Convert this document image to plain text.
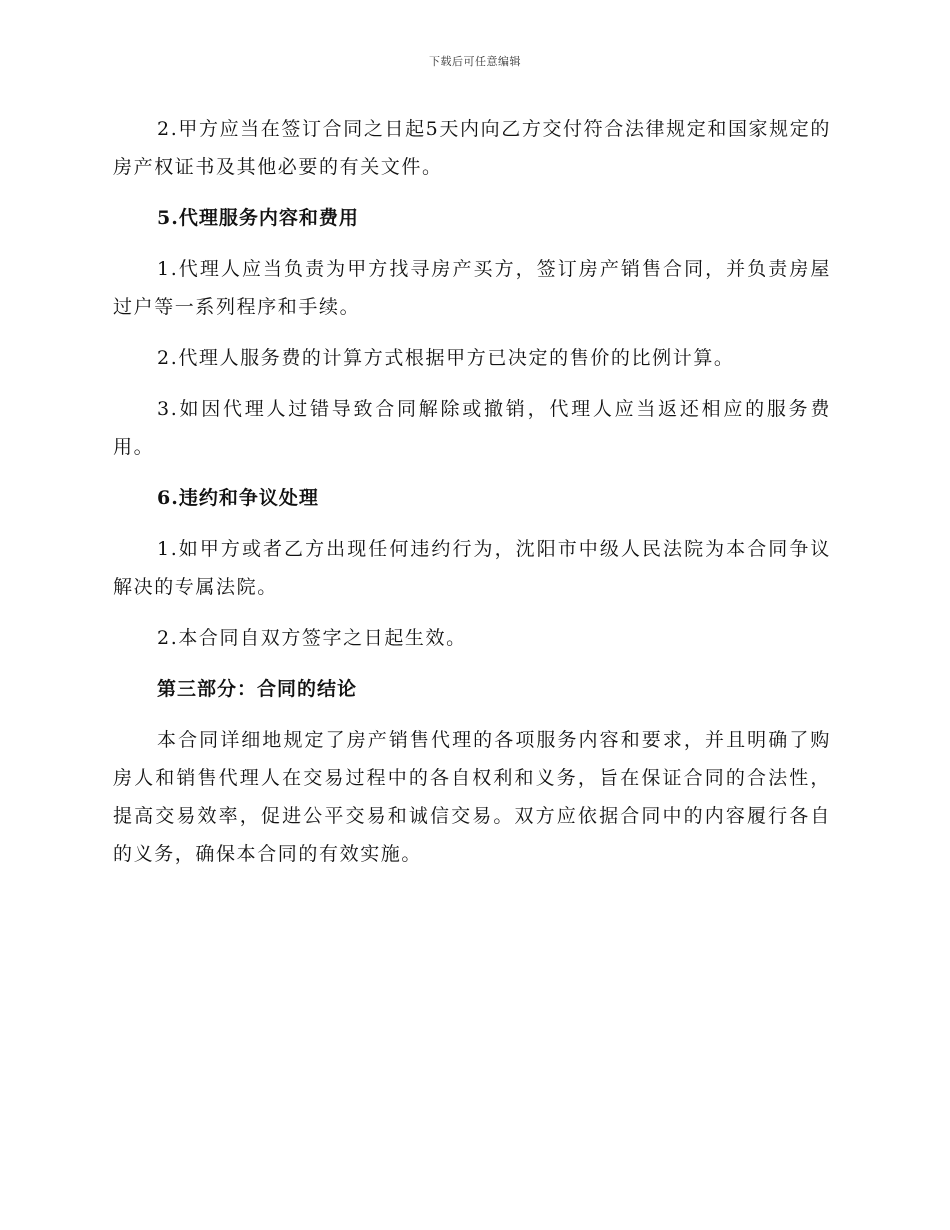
下载后可任意编辑

2.甲方应当在签订合同之日起5天内向乙方交付符合法律规定和国家规定的房产权证书及其他必要的有关文件。

5.代理服务内容和费用

1.代理人应当负责为甲方找寻房产买方，签订房产销售合同，并负责房屋过户等一系列程序和手续。

2.代理人服务费的计算方式根据甲方已决定的售价的比例计算。

3.如因代理人过错导致合同解除或撤销，代理人应当返还相应的服务费用。

6.违约和争议处理

1.如甲方或者乙方出现任何违约行为，沈阳市中级人民法院为本合同争议解决的专属法院。

2.本合同自双方签字之日起生效。

第三部分：合同的结论

本合同详细地规定了房产销售代理的各项服务内容和要求，并且明确了购房人和销售代理人在交易过程中的各自权利和义务，旨在保证合同的合法性，提高交易效率，促进公平交易和诚信交易。双方应依据合同中的内容履行各自的义务，确保本合同的有效实施。
